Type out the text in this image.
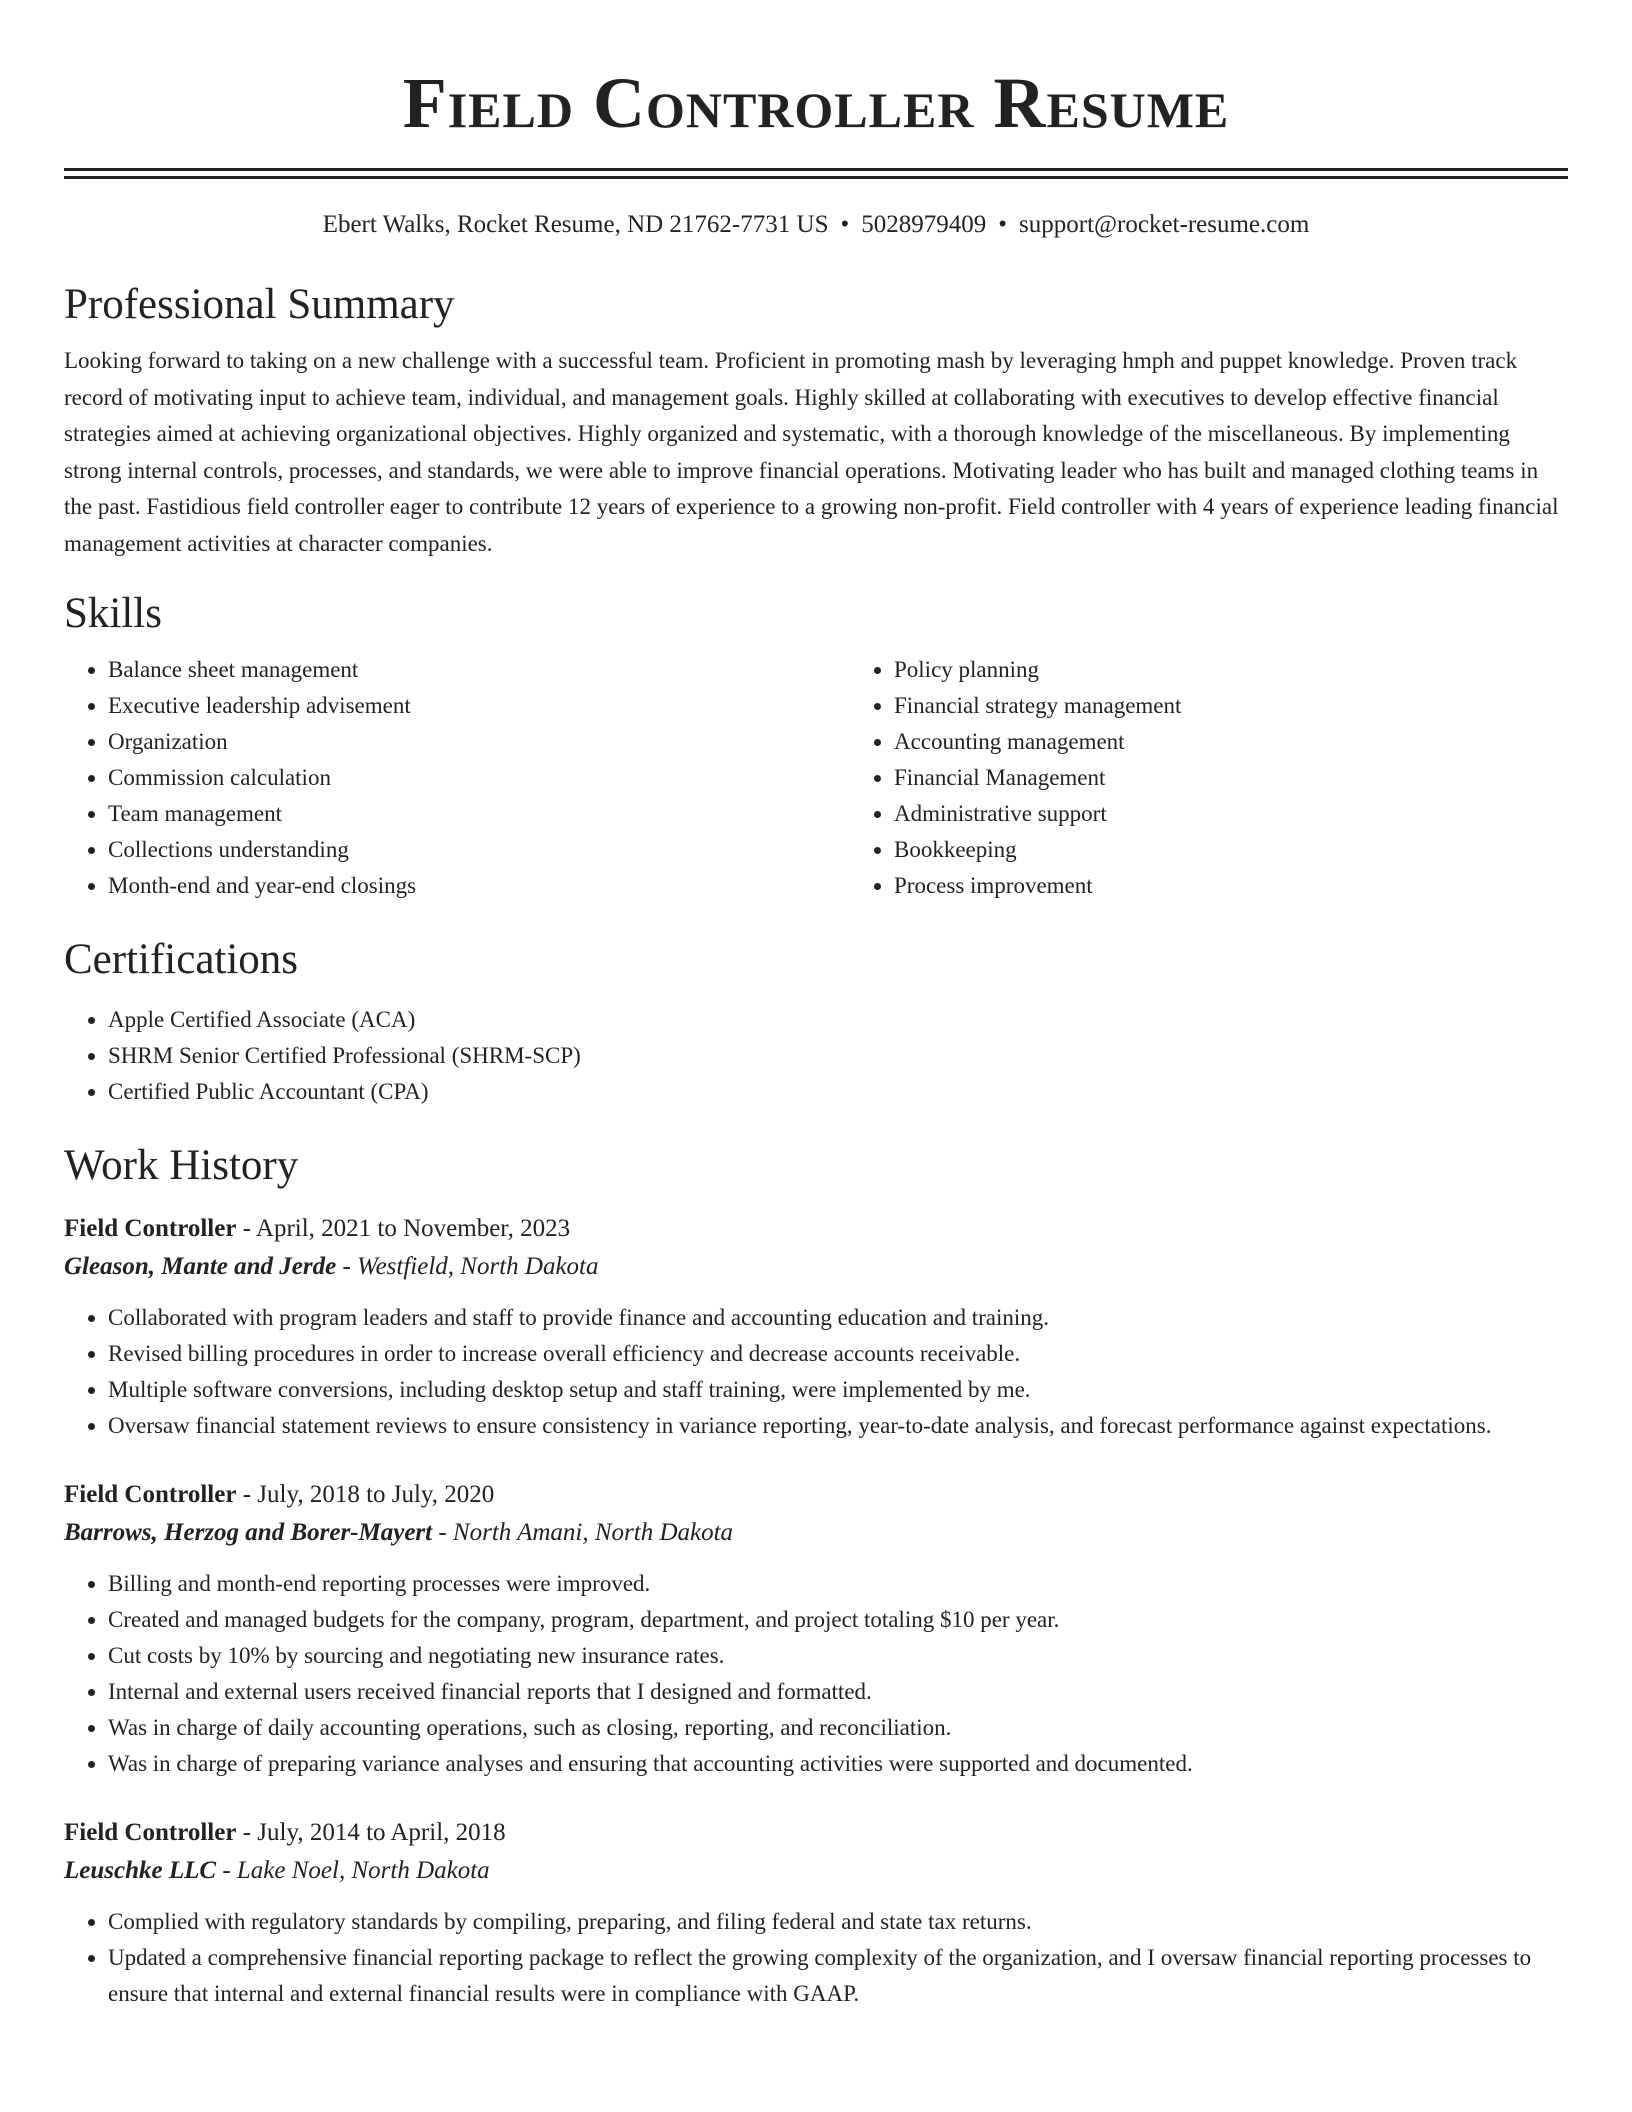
Field Controller Resume
Ebert Walks, Rocket Resume, ND 21762-7731 US • 5028979409 • support@rocket-resume.com
Professional Summary

Looking forward to taking on a new challenge with a successful team. Proficient in promoting mash by leveraging hmph and puppet knowledge. Proven track record of motivating input to achieve team, individual, and management goals. Highly skilled at collaborating with executives to develop effective financial strategies aimed at achieving organizational objectives. Highly organized and systematic, with a thorough knowledge of the miscellaneous. By implementing strong internal controls, processes, and standards, we were able to improve financial operations. Motivating leader who has built and managed clothing teams in the past. Fastidious field controller eager to contribute 12 years of experience to a growing non-profit. Field controller with 4 years of experience leading financial management activities at character companies.

Skills
• Balance sheet management
• Executive leadership advisement
• Organization
• Commission calculation
• Team management
• Collections understanding
• Month-end and year-end closings
• Policy planning
• Financial strategy management
• Accounting management
• Financial Management
• Administrative support
• Bookkeeping
• Process improvement
Certifications
• Apple Certified Associate (ACA)
• SHRM Senior Certified Professional (SHRM-SCP)
• Certified Public Accountant (CPA)
Work History
Field Controller - April, 2021 to November, 2023
Gleason, Mante and Jerde - Westfield, North Dakota
• Collaborated with program leaders and staff to provide finance and accounting education and training.
• Revised billing procedures in order to increase overall efficiency and decrease accounts receivable.
• Multiple software conversions, including desktop setup and staff training, were implemented by me.
• Oversaw financial statement reviews to ensure consistency in variance reporting, year-to-date analysis, and forecast performance against expectations.
Field Controller - July, 2018 to July, 2020
Barrows, Herzog and Borer-Mayert - North Amani, North Dakota
• Billing and month-end reporting processes were improved.
• Created and managed budgets for the company, program, department, and project totaling $10 per year.
• Cut costs by 10% by sourcing and negotiating new insurance rates.
• Internal and external users received financial reports that I designed and formatted.
• Was in charge of daily accounting operations, such as closing, reporting, and reconciliation.
• Was in charge of preparing variance analyses and ensuring that accounting activities were supported and documented.
Field Controller - July, 2014 to April, 2018
Leuschke LLC - Lake Noel, North Dakota
• Complied with regulatory standards by compiling, preparing, and filing federal and state tax returns.
• Updated a comprehensive financial reporting package to reflect the growing complexity of the organization, and I oversaw financial reporting processes to ensure that internal and external financial results were in compliance with GAAP.
